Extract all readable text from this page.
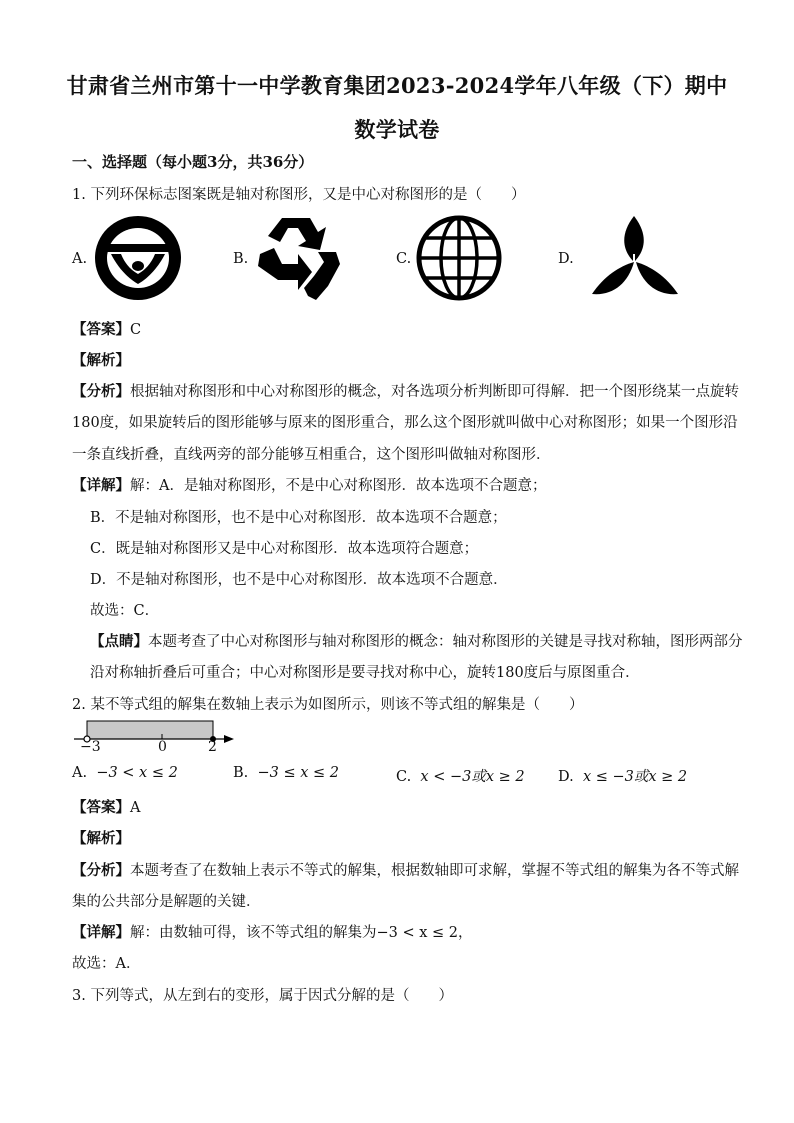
甘肃省兰州市第十一中学教育集团2023-2024学年八年级（下）期中
数学试卷
一、选择题（每小题3分，共36分）
1. 下列环保标志图案既是轴对称图形，又是中心对称图形的是（　　）
A.	B.	C.	D.
【答案】C
【解析】
【分析】根据轴对称图形和中心对称图形的概念，对各选项分析判断即可得解．把一个图形绕某一点旋转
180度，如果旋转后的图形能够与原来的图形重合，那么这个图形就叫做中心对称图形；如果一个图形沿
一条直线折叠，直线两旁的部分能够互相重合，这个图形叫做轴对称图形．
【详解】解：A．是轴对称图形，不是中心对称图形．故本选项不合题意；
B．不是轴对称图形，也不是中心对称图形．故本选项不合题意；
C．既是轴对称图形又是中心对称图形．故本选项符合题意；
D．不是轴对称图形，也不是中心对称图形．故本选项不合题意．
故选：C．
【点睛】本题考查了中心对称图形与轴对称图形的概念：轴对称图形的关键是寻找对称轴，图形两部分
沿对称轴折叠后可重合；中心对称图形是要寻找对称中心，旋转180度后与原图重合．
2. 某不等式组的解集在数轴上表示为如图所示，则该不等式组的解集是（　　）
−3	0	2
A. −3 < x ≤ 2	B. −3 ≤ x ≤ 2	C. x < −3或x ≥ 2 D. x ≤ −3或x ≥ 2
【答案】A
【解析】
【分析】本题考查了在数轴上表示不等式的解集，根据数轴即可求解，掌握不等式组的解集为各不等式解
集的公共部分是解题的关键．
【详解】解：由数轴可得，该不等式组的解集为−3 < x ≤ 2，
故选：A．
3. 下列等式，从左到右的变形，属于因式分解的是（　　）
